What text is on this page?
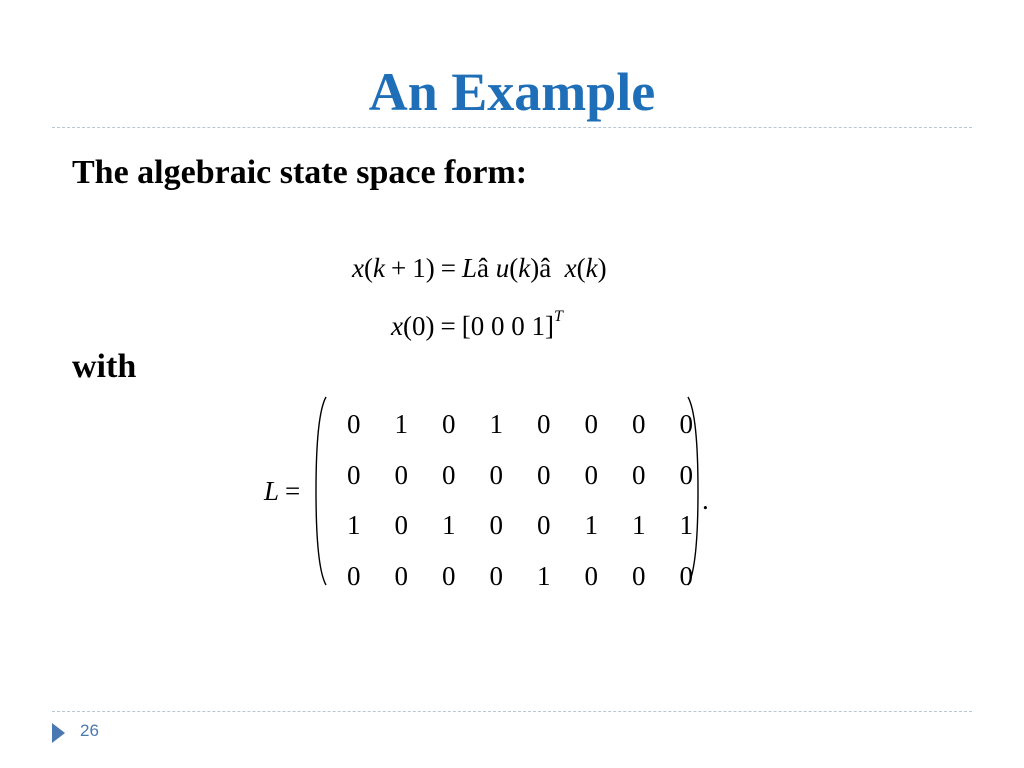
An Example
The algebraic state space form:
x(k + 1) = Lâ u(k)â x(k)
x(0) = [0 0 0 1]$^T$
with
L =
0	1	0	1	0	0	0	0
0	0	0	0	0	0	0	0
1	0	1	0	0	1	1	1
0	0	0	0	1	0	0	0
.
26
